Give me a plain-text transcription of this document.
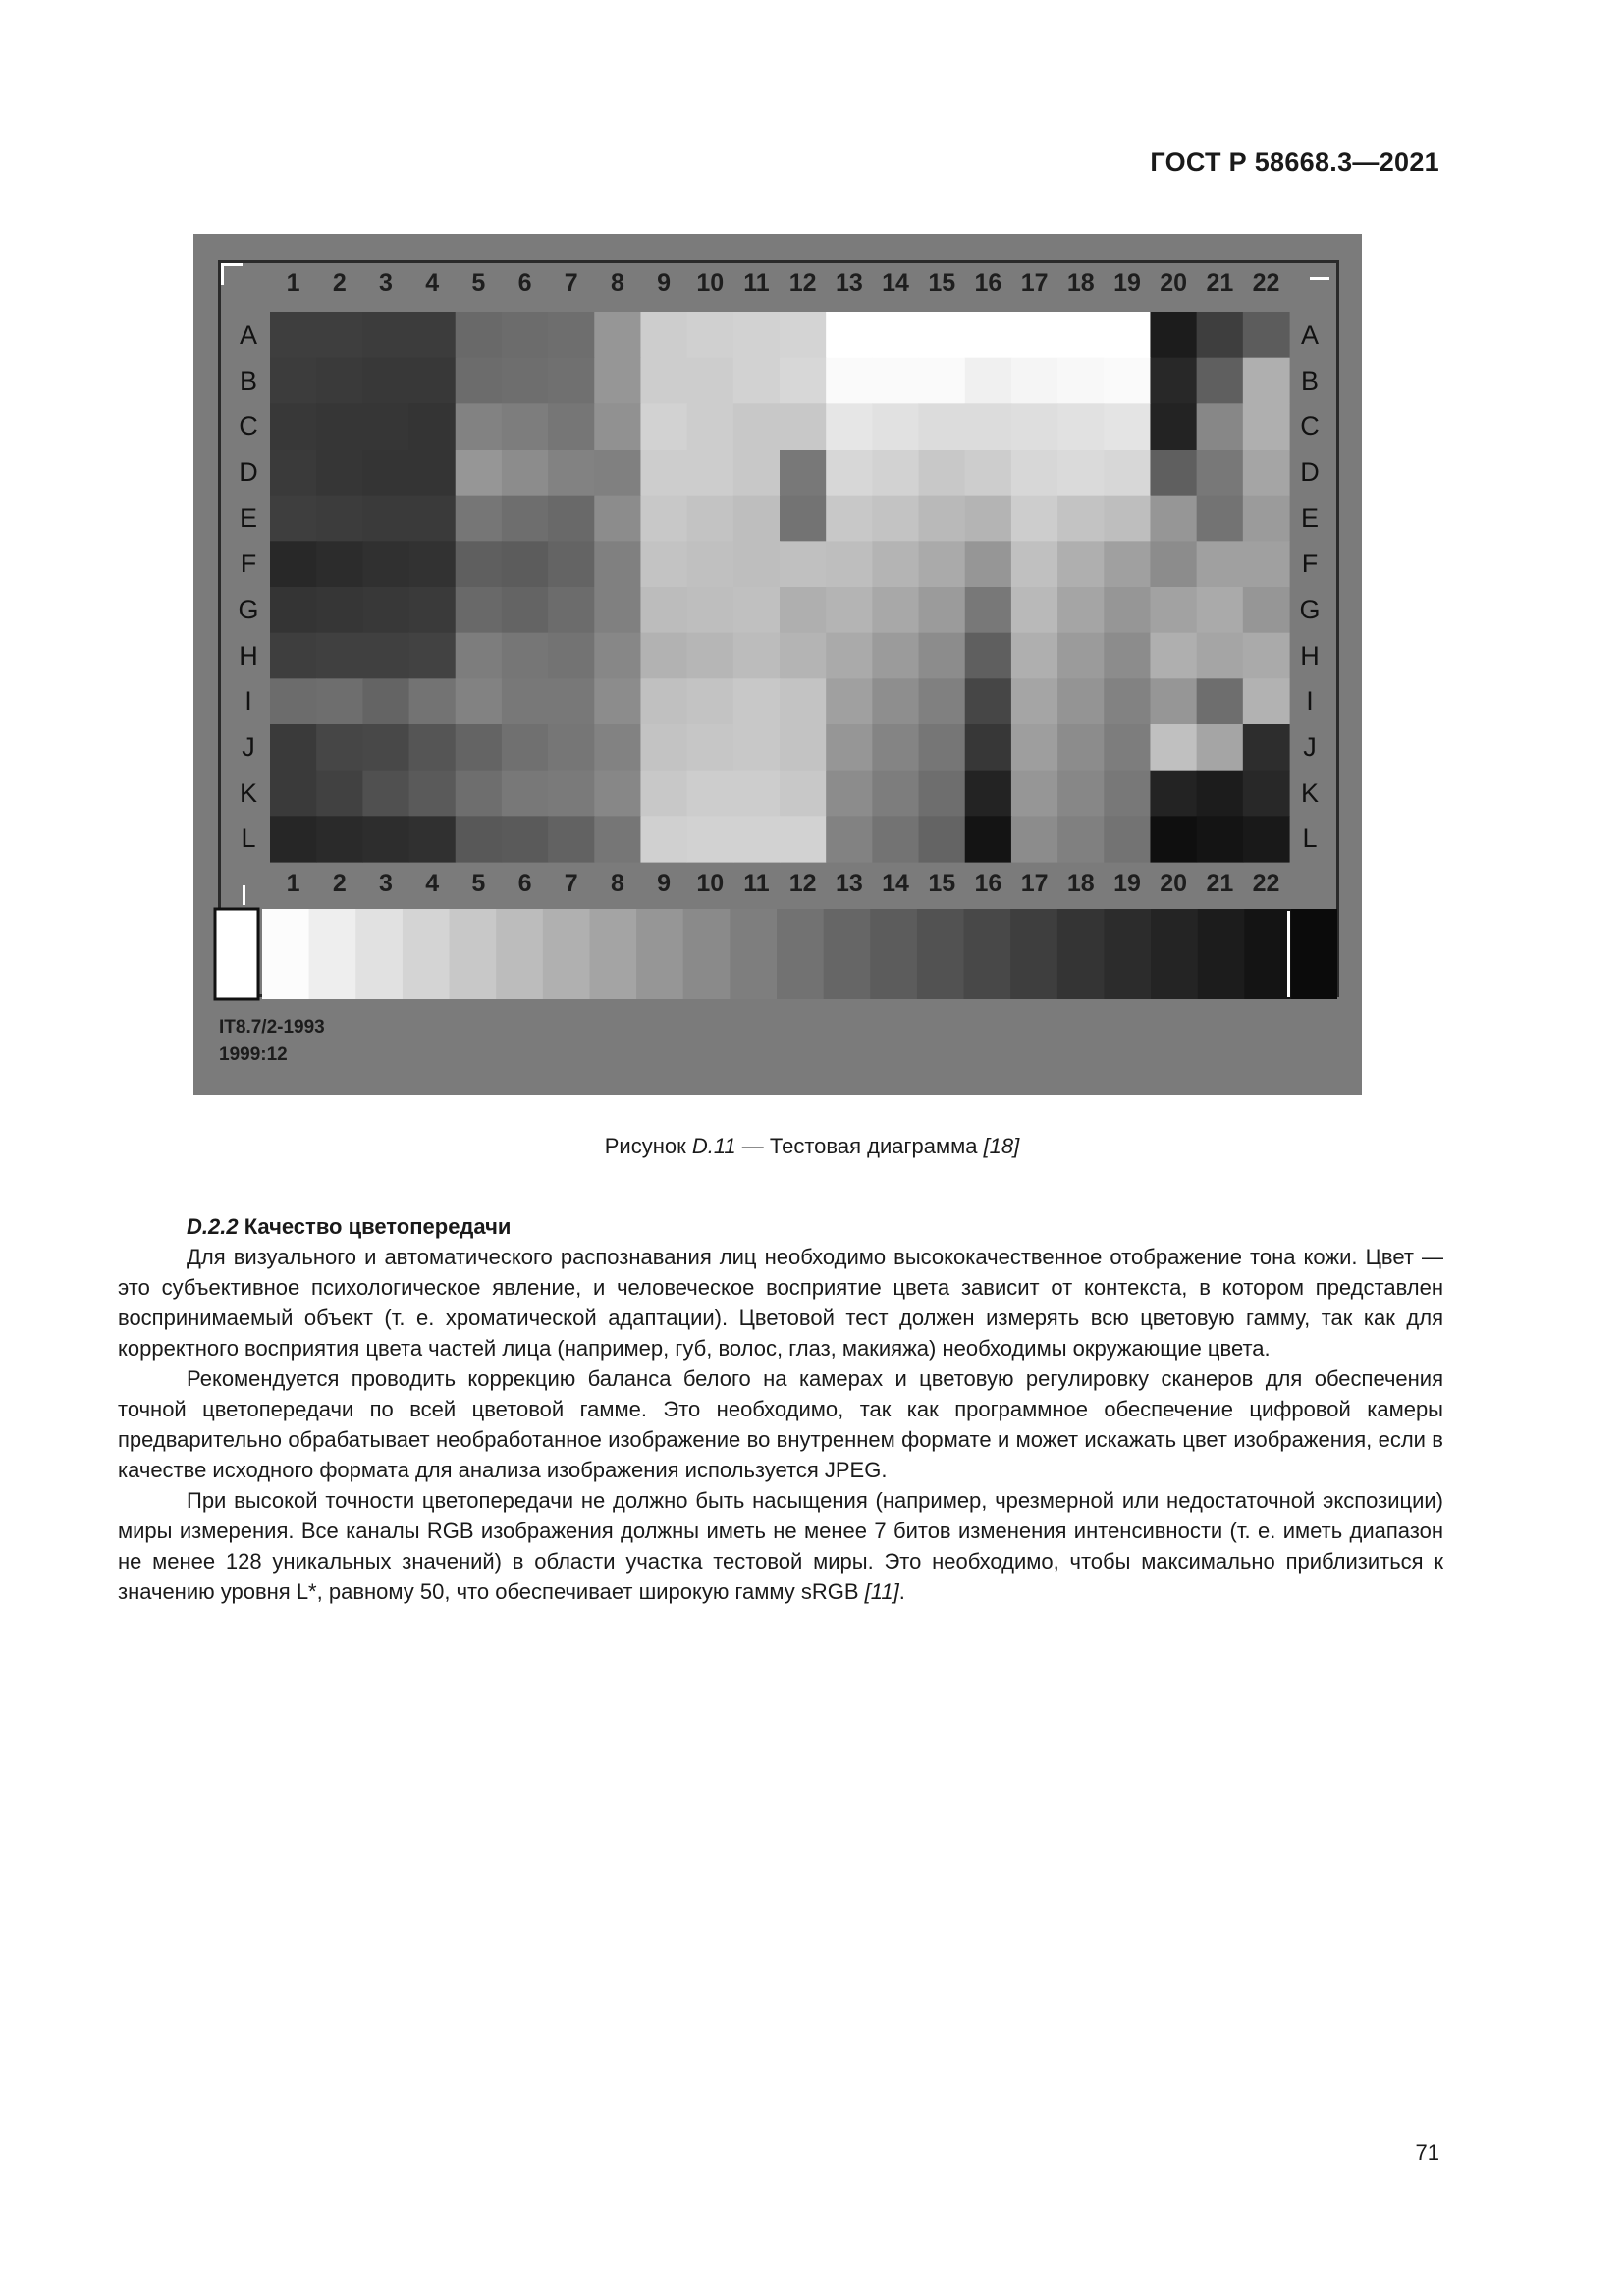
ГОСТ Р 58668.3—2021
1	2	3	4	5	6	7	8	9	10 11 12 13 14 15 16 17 18 19 20 21 22
1	2	3	4	5	6	7	8	9	10 11 12 13 14 15 16 17 18 19 20 21 22
A
B
C
D
E
F
G
H
I
J
K
L
A
B
C
D
E
F
G
H
I
J
K
L
IT8.7/2-1993
1999:12
Рисунок D.11 — Тестовая диаграмма [18]

D.2.2 Качество цветопередачи

Для визуального и автоматического распознавания лиц необходимо высококачественное отображение тона кожи. Цвет — это субъективное психологическое явление, и человеческое восприятие цвета зависит от контекста, в котором представлен воспринимаемый объект (т. е. хроматической адаптации). Цветовой тест должен измерять всю цветовую гамму, так как для корректного восприятия цвета частей лица (например, губ, волос, глаз, макияжа) необходимы окружающие цвета.

Рекомендуется проводить коррекцию баланса белого на камерах и цветовую регулировку сканеров для обеспечения точной цветопередачи по всей цветовой гамме. Это необходимо, так как программное обеспечение цифровой камеры предварительно обрабатывает необработанное изображение во внутреннем формате и может искажать цвет изображения, если в качестве исходного формата для анализа изображения используется JPEG.

При высокой точности цветопередачи не должно быть насыщения (например, чрезмерной или недостаточной экспозиции) миры измерения. Все каналы RGB изображения должны иметь не менее 7 битов изменения интенсивности (т. е. иметь диапазон не менее 128 уникальных значений) в области участка тестовой миры. Это необходимо, чтобы максимально приблизиться к значению уровня L*, равному 50, что обеспечивает широкую гамму sRGB [11].

71
